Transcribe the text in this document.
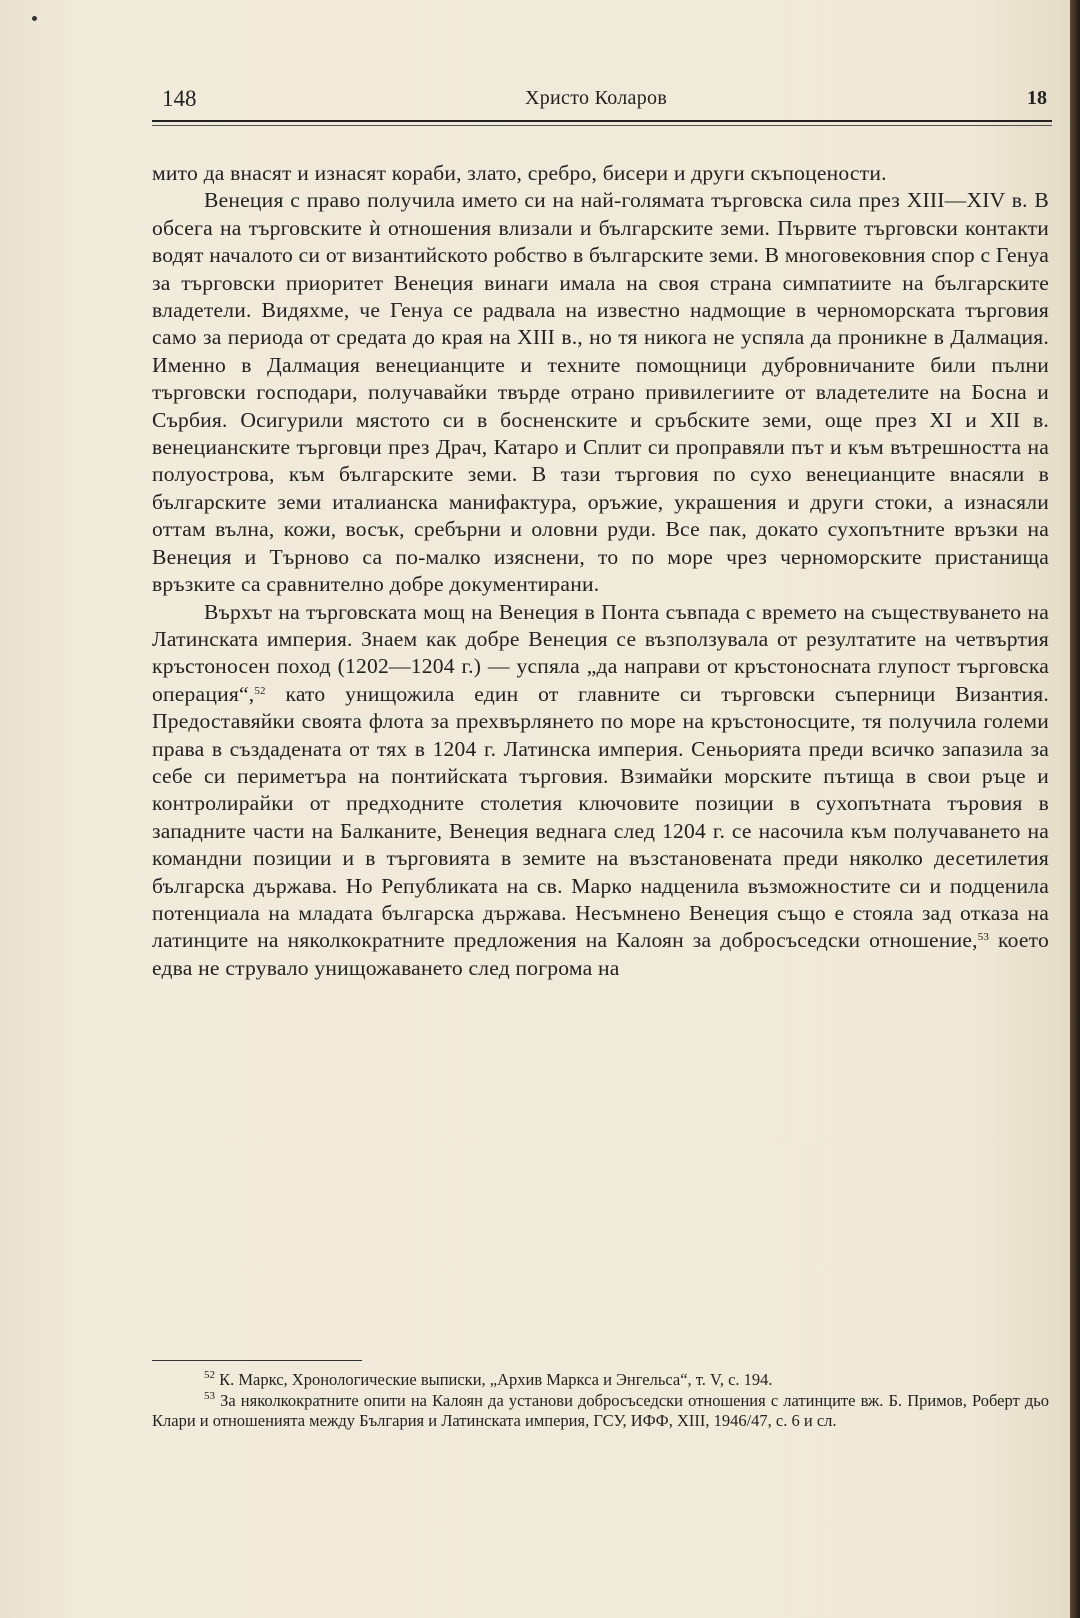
148	Христо Коларов	18

мито да внасят и изнасят кораби, злато, сребро, бисери и други скъпоцености.

Венеция с право получила името си на най-голямата търговска сила през XIII—XIV в. В обсега на търговските ѝ отношения влизали и българските земи. Първите търговски контакти водят началото си от византийското робство в българските земи. В многовековния спор с Генуа за търговски приоритет Венеция винаги имала на своя страна симпатиите на българските владетели. Видяхме, че Генуа се радвала на известно надмощие в черноморската търговия само за периода от средата до края на XIII в., но тя никога не успяла да проникне в Далмация. Именно в Далмация венецианците и техните помощници дубровничаните били пълни търговски господари, получавайки твърде отрано привилегиите от владетелите на Босна и Сърбия. Осигурили мястото си в босненските и сръбските земи, още през XI и XII в. венецианските търговци през Драч, Катаро и Сплит си проправяли път и към вътрешността на полуострова, към българските земи. В тази търговия по сухо венецианците внасяли в българските земи италианска манифактура, оръжие, украшения и други стоки, а изнасяли оттам вълна, кожи, восък, сребърни и оловни руди. Все пак, докато сухопътните връзки на Венеция и Търново са по-малко изяснени, то по море чрез черноморските пристанища връзките са сравнително добре документирани.

Върхът на търговската мощ на Венеция в Понта съвпада с времето на съществуването на Латинската империя. Знаем как добре Венеция се възползувала от резултатите на четвъртия кръстоносен поход (1202—1204 г.) — успяла „да направи от кръстоносната глупост търговска операция“,$^{52}$ като унищожила един от главните си търговски съперници Византия. Предоставяйки своята флота за прехвърлянето по море на кръстоносците, тя получила големи права в създадената от тях в 1204 г. Латинска империя. Сеньорията преди всичко запазила за себе си периметъра на понтийската търговия. Взимайки морските пътища в свои ръце и контролирайки от предходните столетия ключовите позиции в сухопътната търовия в западните части на Балканите, Венеция веднага след 1204 г. се насочила към получаването на командни позиции и в търговията в земите на възстановената преди няколко десетилетия българска държава. Но Републиката на св. Марко надценила възможностите си и подценила потенциала на младата българска държава. Несъмнено Венеция също е стояла зад отказа на латинците на няколкократните предложения на Калоян за добросъседски отношение,$^{53}$ което едва не струвало унищожаването след погрома на

$^{52}$ К. Маркс, Хронологические выписки, „Архив Маркса и Энгельса“, т. V, с. 194.

$^{53}$ За няколкократните опити на Калоян да установи добросъседски отношения с латинците вж. Б. Примов, Роберт дьо Клари и отношенията между България и Латинската империя, ГСУ, ИФФ, XIII, 1946/47, с. 6 и сл.
